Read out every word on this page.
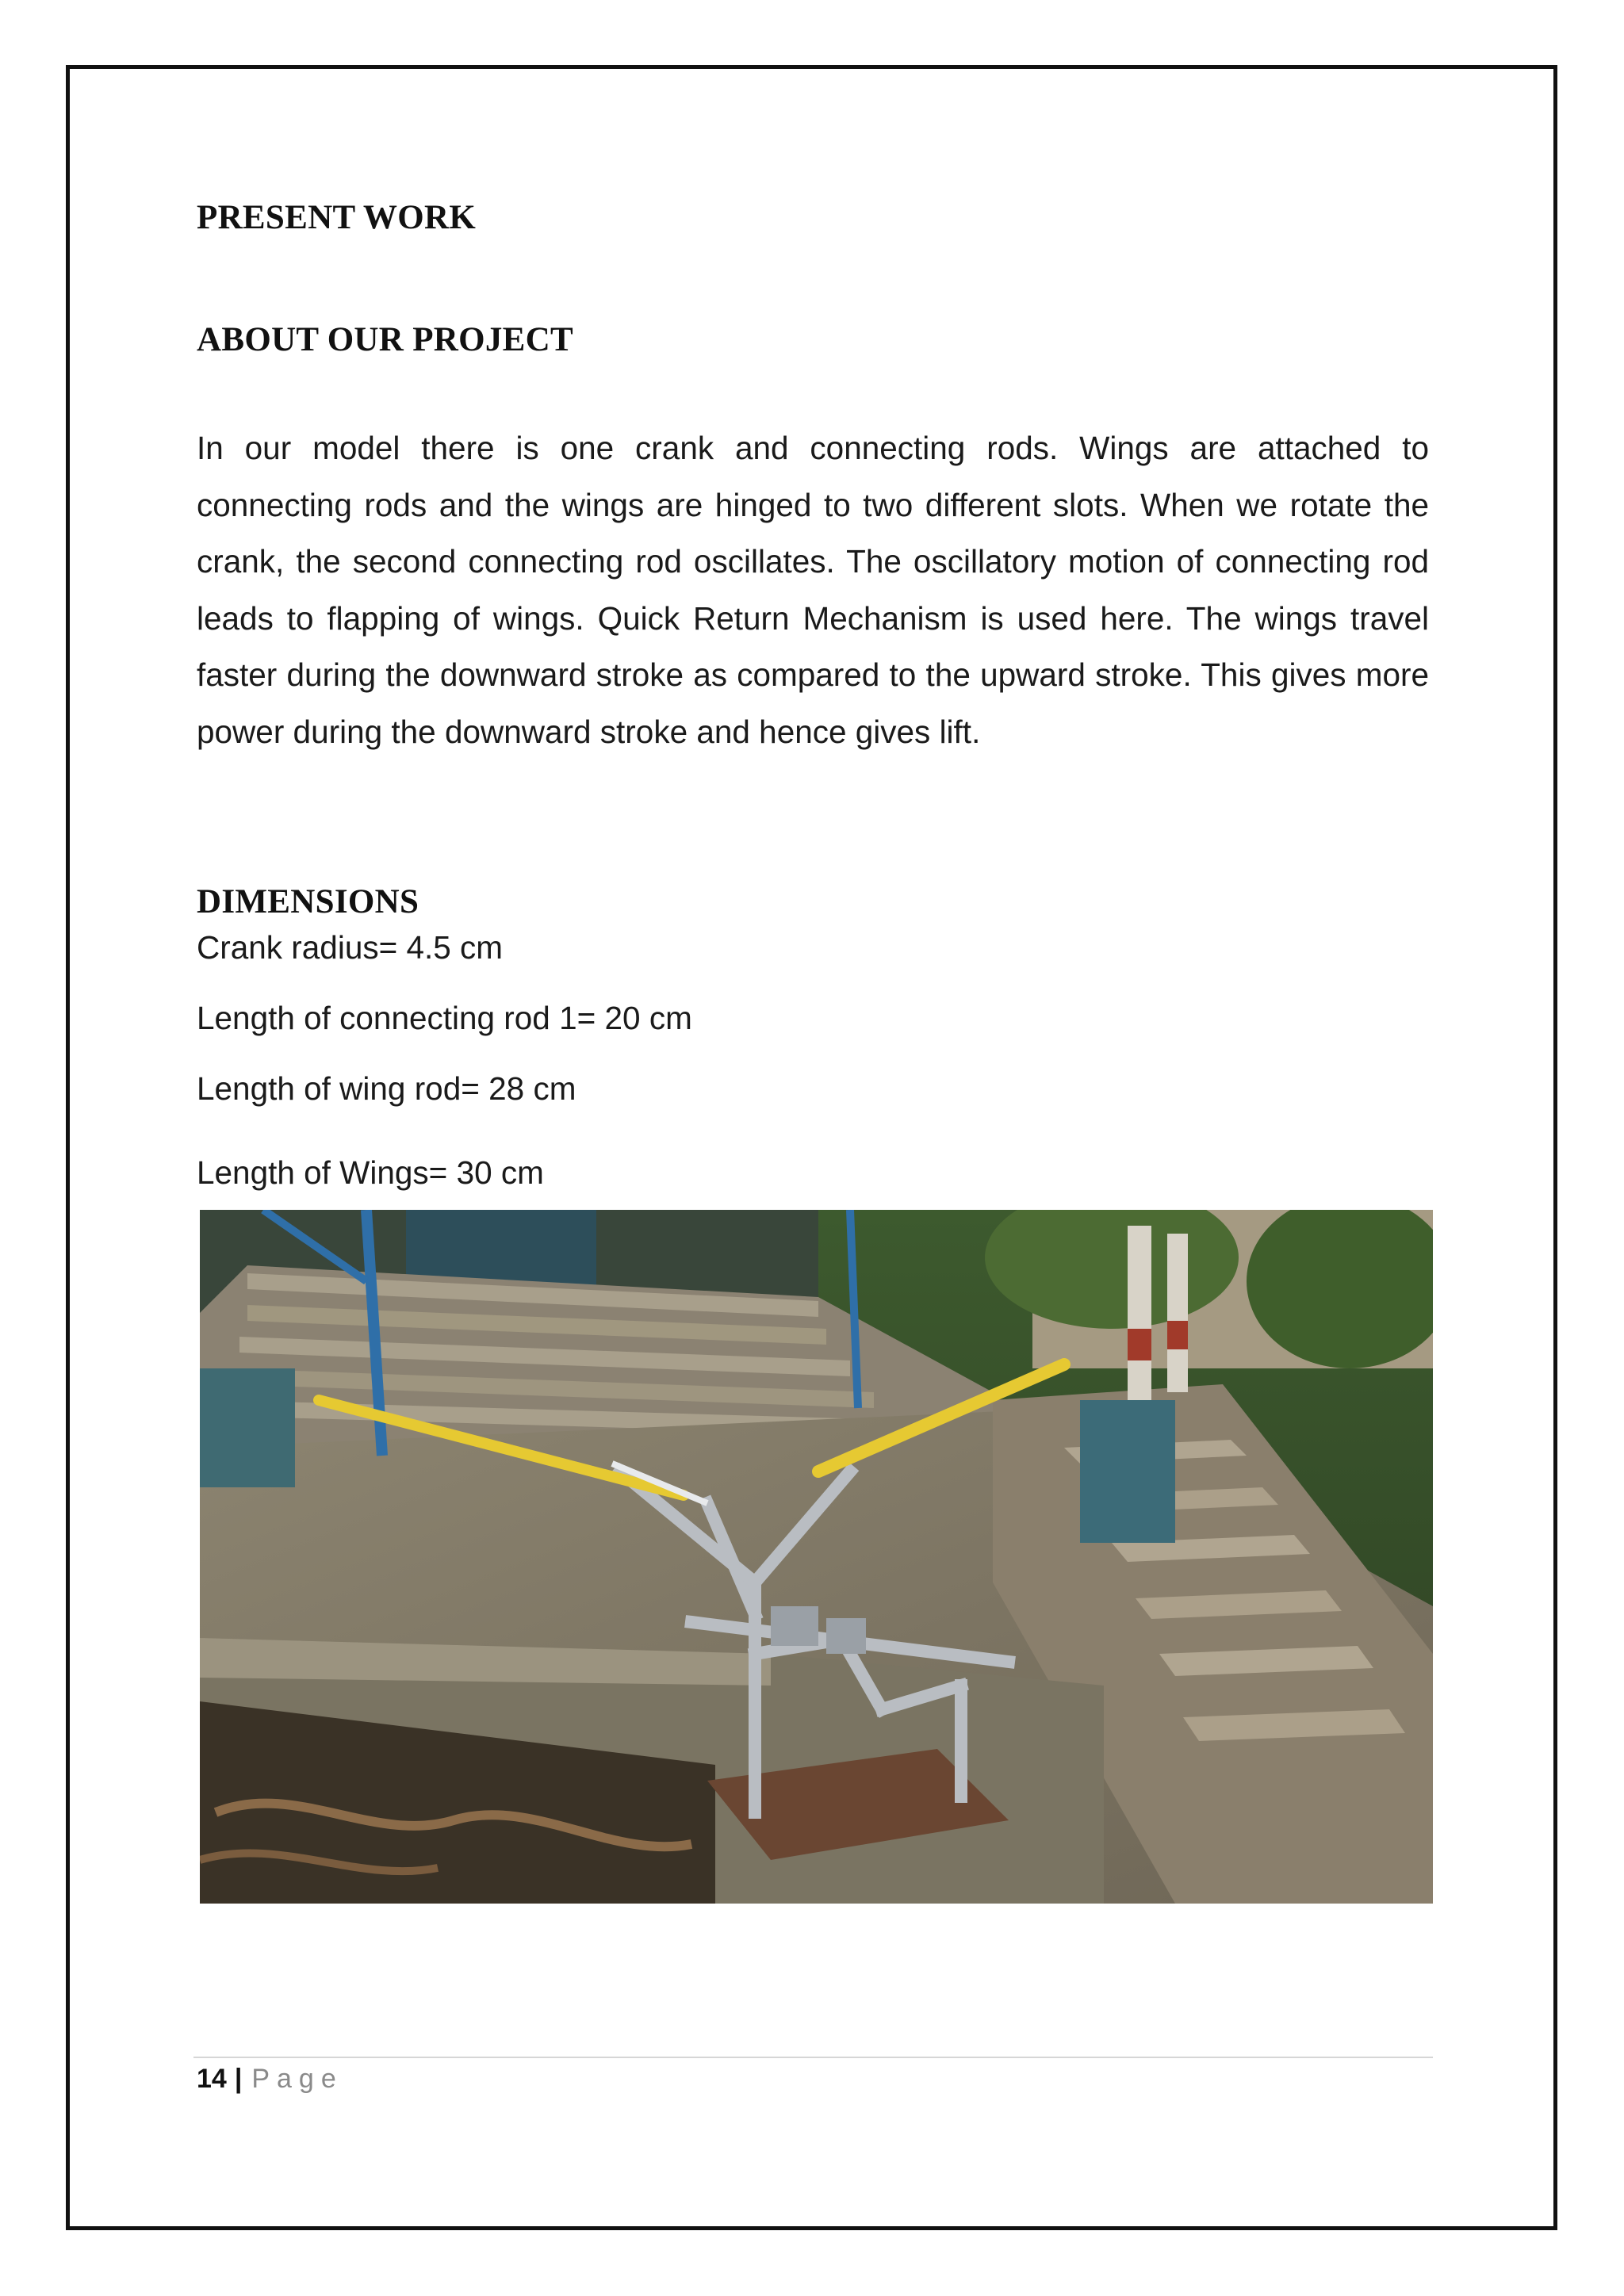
PRESENT WORK
ABOUT OUR PROJECT

In our model there is one crank and connecting rods. Wings are attached to connecting rods and the wings are hinged to two different slots. When we rotate the crank, the second connecting rod oscillates. The oscillatory motion of connecting rod leads to flapping of wings. Quick Return Mechanism is used here. The wings travel faster during the downward stroke as compared to the upward stroke. This gives more power during the downward stroke and hence gives lift.

DIMENSIONS

Crank radius= 4.5 cm

Length of connecting rod 1= 20 cm

Length of wing rod= 28 cm

Length of Wings= 30 cm

14 | Page
